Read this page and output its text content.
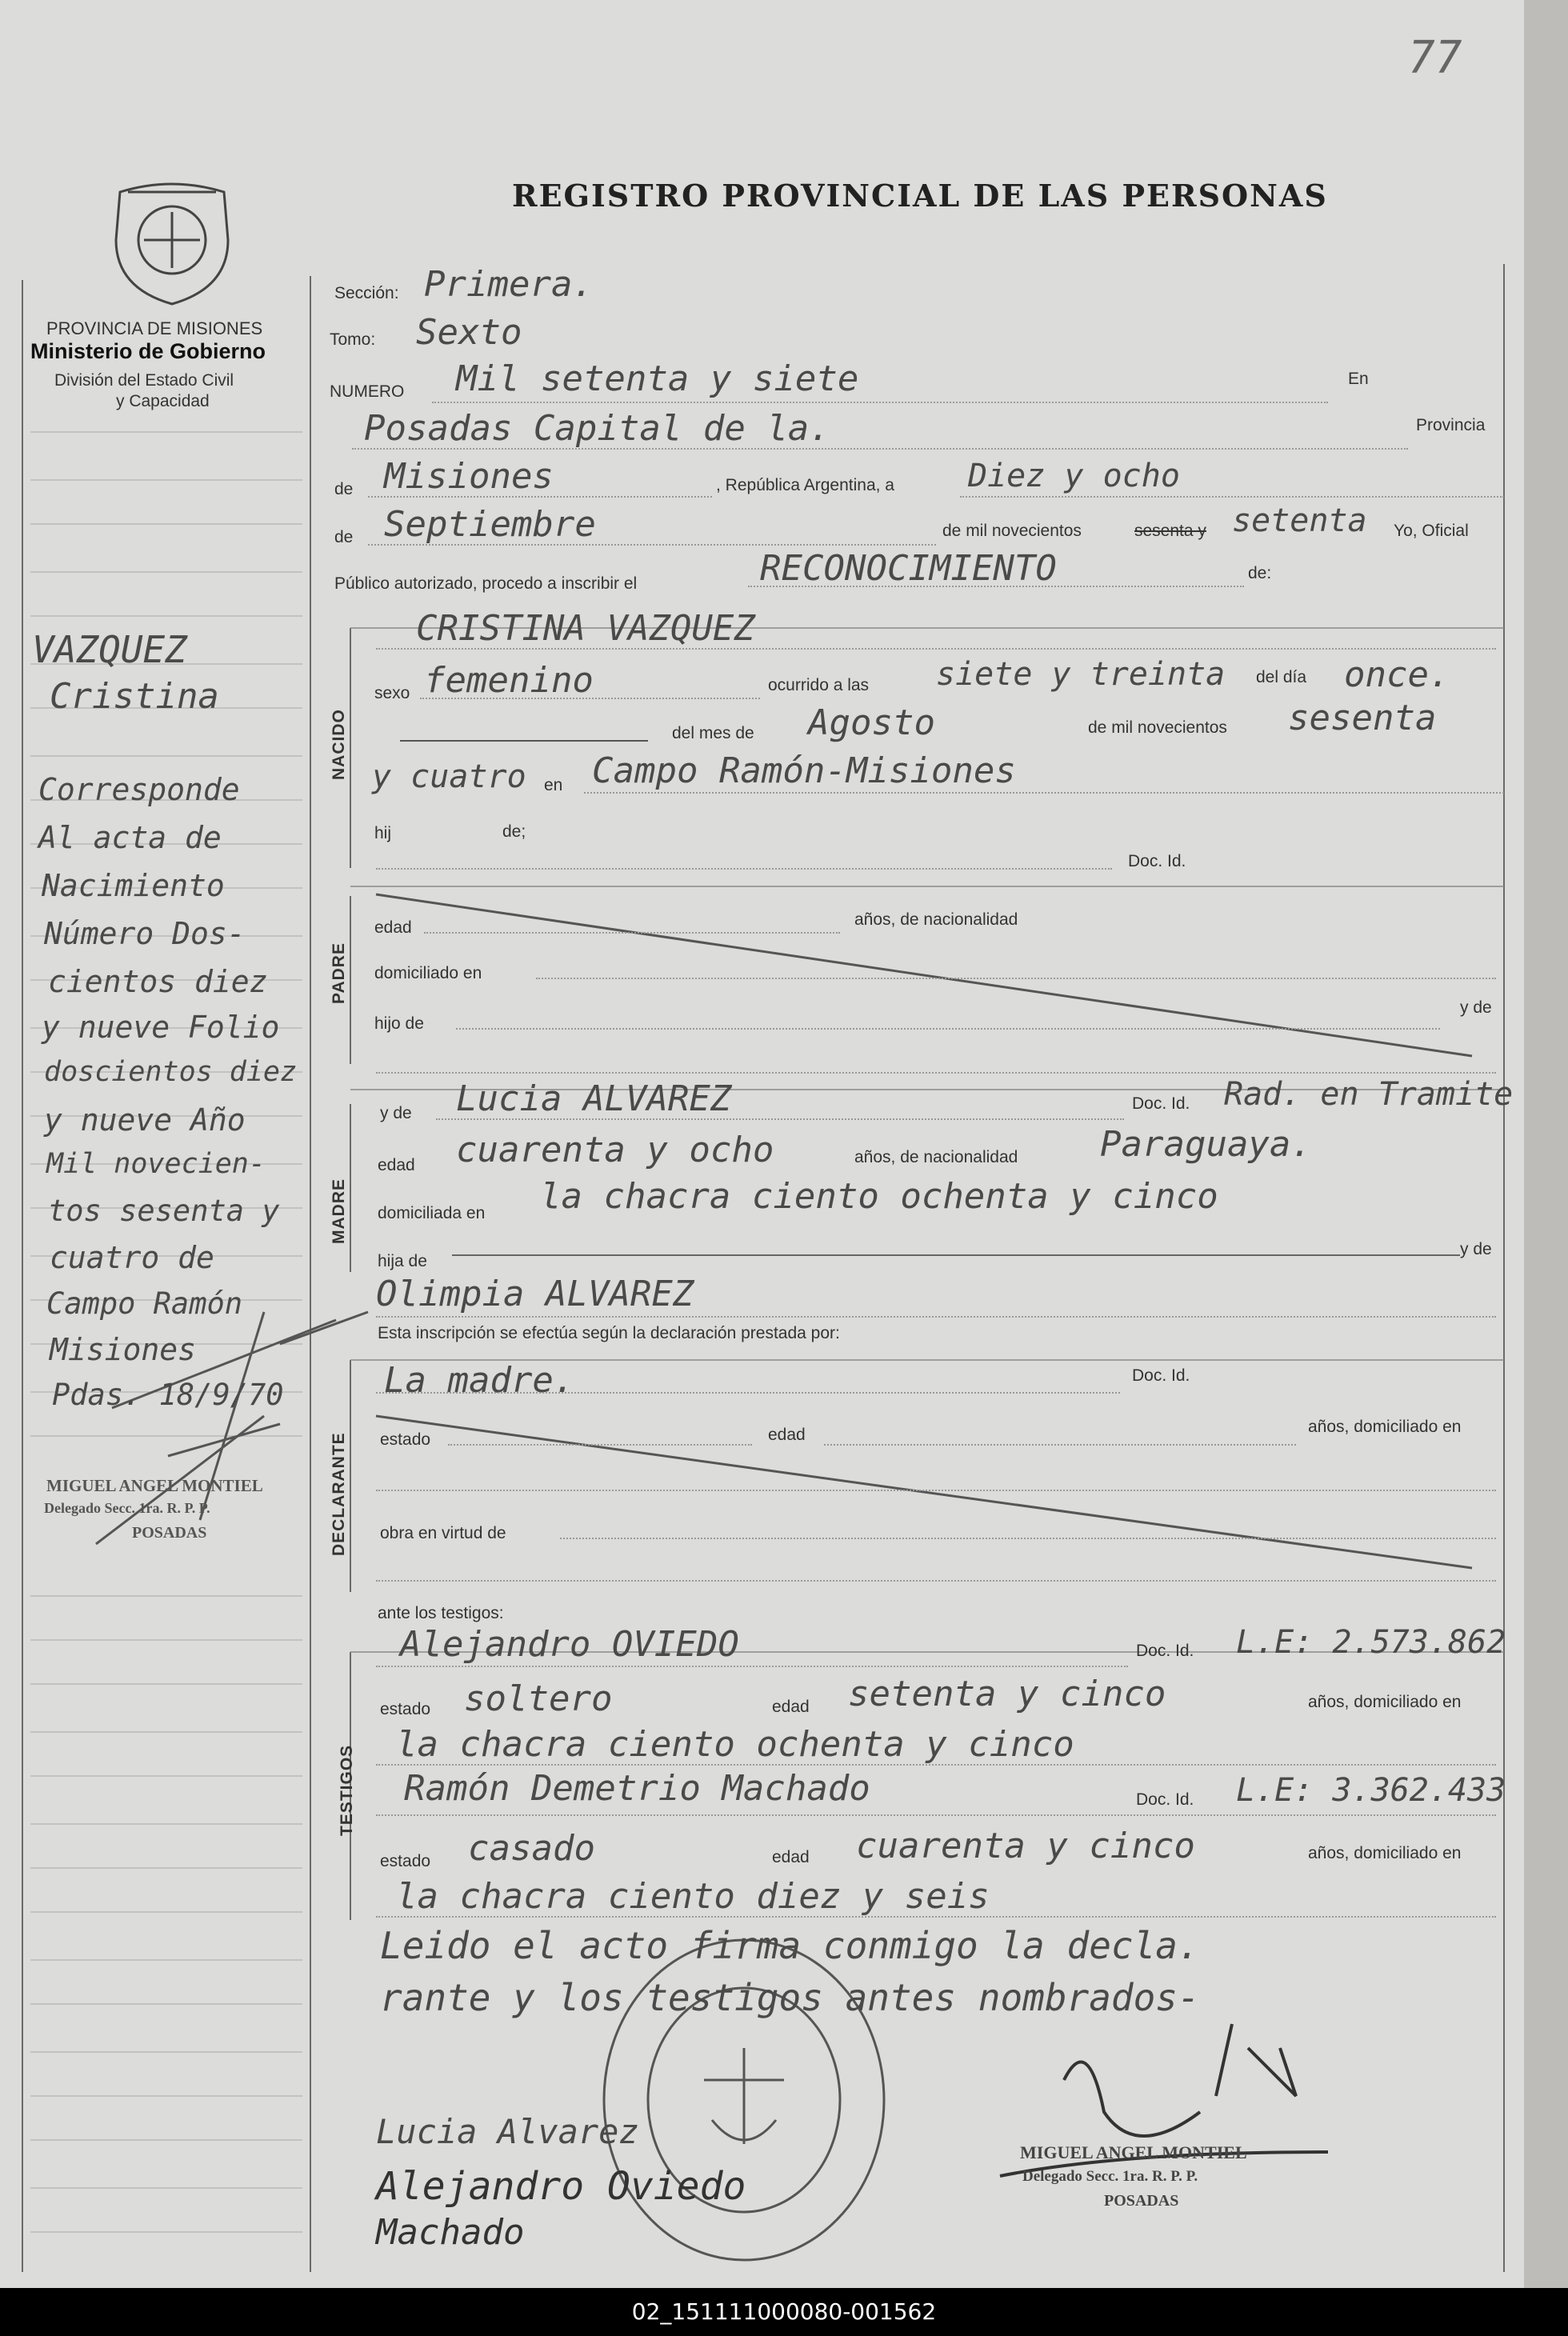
77
REGISTRO PROVINCIAL DE LAS PERSONAS
PROVINCIA DE MISIONES
Ministerio de Gobierno
División del Estado Civil
y Capacidad
Sección: Primera.
Tomo: Sexto
NUMERO Mil setenta y siete	En
Posadas Capital de la.	Provincia
de Misiones	, República Argentina, a Diez y ocho
de Septiembre	de mil novecientos	sesenta y setenta Yo, Oficial
Público autorizado, procedo a inscribir el	RECONOCIMIENTO	de:
NACIDO
CRISTINA VAZQUEZ
sexo femenino	ocurrido a las siete y treinta del día once.
del mes de Agosto	de mil novecientos sesenta
y cuatro en Campo Ramón-Misiones
hij	de;
Doc. Id.
PADRE
edad	años, de nacionalidad
domiciliado en
hijo de
y de
MADRE
y de Lucia ALVAREZ	Doc. Id. Rad. en Tramite
edad cuarenta y ocho	años, de nacionalidad Paraguaya.
domiciliada en la chacra ciento ochenta y cinco
hija de
y de
Olimpia ALVAREZ
DECLARANTE
Esta inscripción se efectúa según la declaración prestada por:
La madre.	Doc. Id.
estado	edad	años, domiciliado en
obra en virtud de
TESTIGOS
ante los testigos:
Alejandro OVIEDO	Doc. Id. L.E: 2.573.862
estado soltero	edad setenta y cinco	años, domiciliado en
la chacra ciento ochenta y cinco
Ramón Demetrio Machado	Doc. Id. L.E: 3.362.433
estado casado	edad cuarenta y cinco	años, domiciliado en
la chacra ciento diez y seis
Leido el acto firma conmigo la decla.
rante y los testigos antes nombrados-
Lucia Alvarez
Alejandro Oviedo
Machado
MIGUEL ANGEL MONTIEL
Delegado Secc. 1ra. R. P. P.
POSADAS
VAZQUEZ
Cristina
Corresponde
Al acta de
Nacimiento
Número Dos-
cientos diez
y nueve Folio
doscientos diez
y nueve Año
Mil novecien-
tos sesenta y
cuatro de
Campo Ramón
Misiones
Pdas. 18/9/70
MIGUEL ANGEL MONTIEL
Delegado Secc. 1ra. R. P. P.
POSADAS
02_151111000080-001562
